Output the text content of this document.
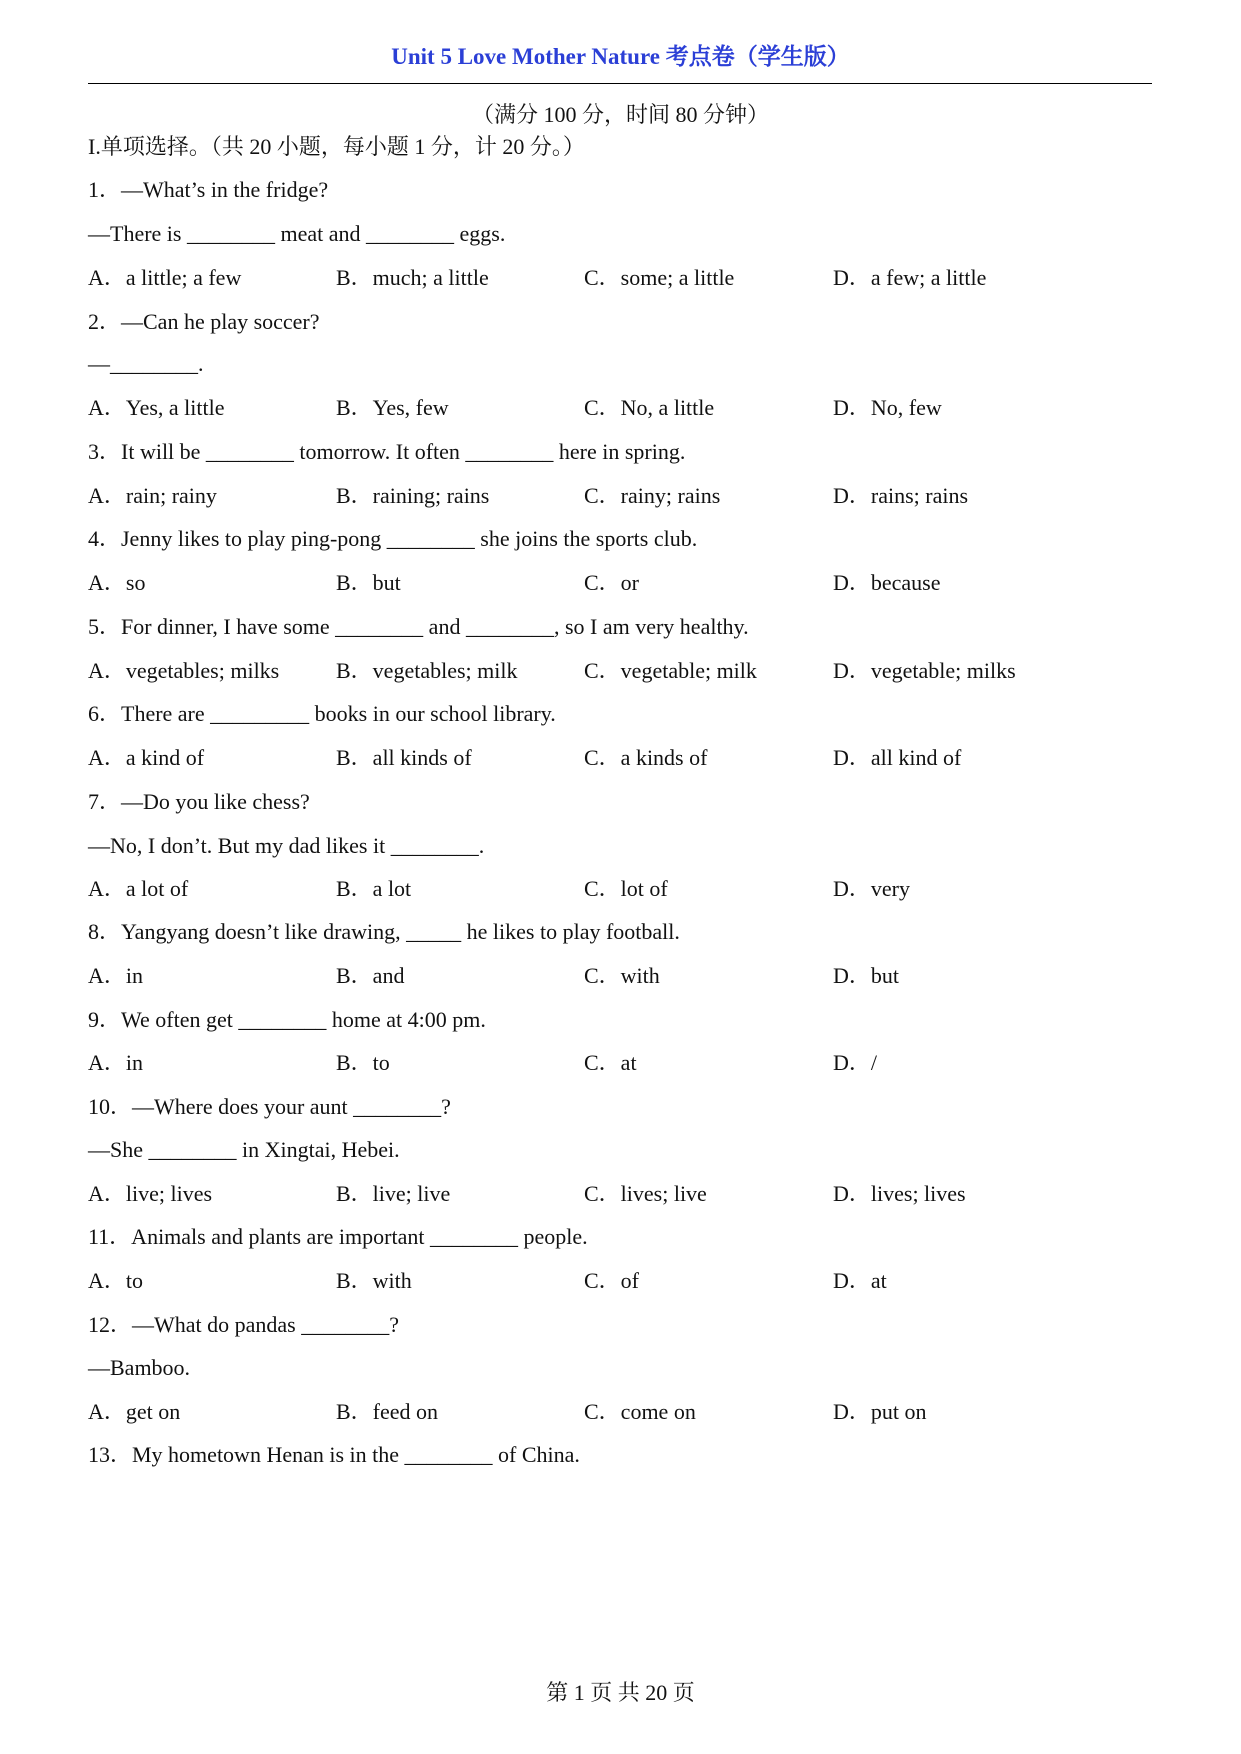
Unit 5 Love Mother Nature 考点卷（学生版）
（满分 100 分，时间 80 分钟）
I.单项选择。（共 20 小题，每小题 1 分，计 20 分。）
1．—What’s in the fridge?
—There is ________ meat and ________ eggs.
A．a little; a few	B．much; a little	C．some; a little	D．a few; a little
2．—Can he play soccer?
—________.
A．Yes, a little	B．Yes, few	C．No, a little	D．No, few
3．It will be ________ tomorrow. It often ________ here in spring.
A．rain; rainy	B．raining; rains	C．rainy; rains	D．rains; rains
4．Jenny likes to play ping-pong ________ she joins the sports club.
A．so	B．but	C．or	D．because
5．For dinner, I have some ________ and ________, so I am very healthy.
A．vegetables; milks	B．vegetables; milk	C．vegetable; milk	D．vegetable; milks
6．There are _________ books in our school library.
A．a kind of	B．all kinds of	C．a kinds of	D．all kind of
7．—Do you like chess?
—No, I don’t. But my dad likes it ________.
A．a lot of	B．a lot	C．lot of	D．very
8．Yangyang doesn’t like drawing, _____ he likes to play football.
A．in	B．and	C．with	D．but
9．We often get ________ home at 4:00 pm.
A．in	B．to	C．at	D．/
10．—Where does your aunt ________?
—She ________ in Xingtai, Hebei.
A．live; lives	B．live; live	C．lives; live	D．lives; lives
11．Animals and plants are important ________ people.
A．to	B．with	C．of	D．at
12．—What do pandas ________?
—Bamboo.
A．get on	B．feed on	C．come on	D．put on
13．My hometown Henan is in the ________ of China.
第 1 页 共 20 页
